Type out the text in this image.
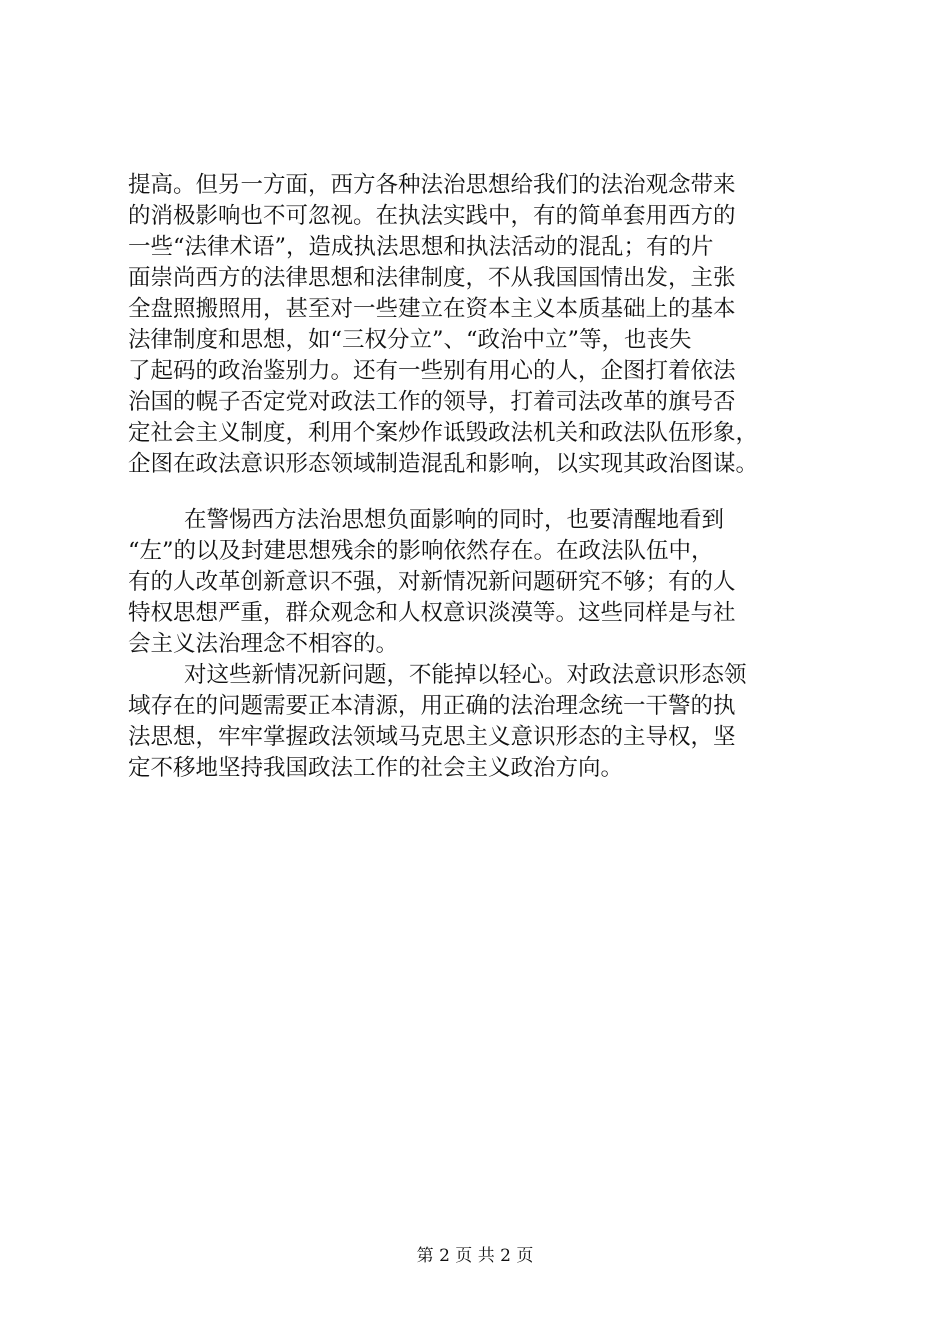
提高。但另一方面，西方各种法治思想给我们的法治观念带来
的消极影响也不可忽视。在执法实践中，有的简单套用西方的
一些“法律术语”，造成执法思想和执法活动的混乱；有的片
面崇尚西方的法律思想和法律制度，不从我国国情出发，主张
全盘照搬照用，甚至对一些建立在资本主义本质基础上的基本
法律制度和思想，如“三权分立”、“政治中立”等，也丧失
了起码的政治鉴别力。还有一些别有用心的人，企图打着依法
治国的幌子否定党对政法工作的领导，打着司法改革的旗号否
定社会主义制度，利用个案炒作诋毁政法机关和政法队伍形象，
企图在政法意识形态领域制造混乱和影响，以实现其政治图谋。
在警惕西方法治思想负面影响的同时，也要清醒地看到
“左”的以及封建思想残余的影响依然存在。在政法队伍中，
有的人改革创新意识不强，对新情况新问题研究不够；有的人
特权思想严重，群众观念和人权意识淡漠等。这些同样是与社
会主义法治理念不相容的。
对这些新情况新问题，不能掉以轻心。对政法意识形态领
域存在的问题需要正本清源，用正确的法治理念统一干警的执
法思想，牢牢掌握政法领域马克思主义意识形态的主导权，坚
定不移地坚持我国政法工作的社会主义政治方向。
第 2 页 共 2 页
